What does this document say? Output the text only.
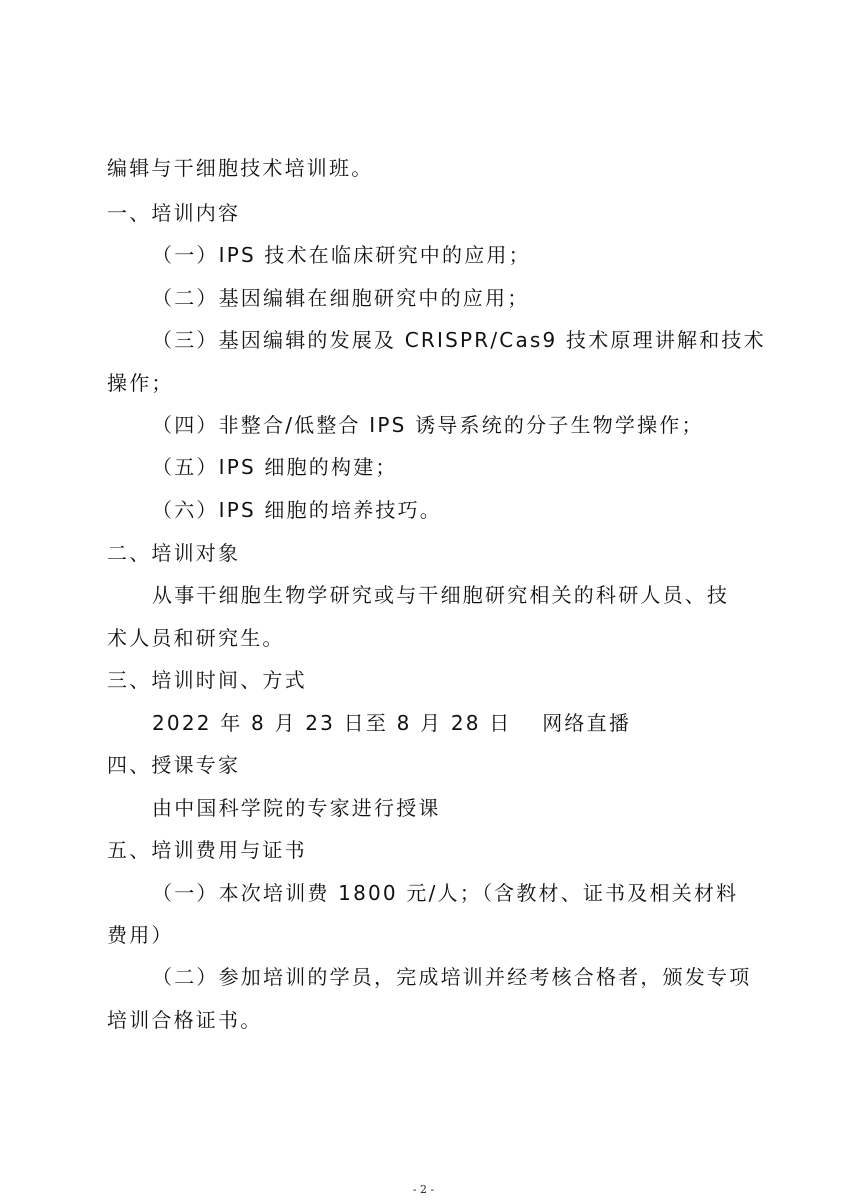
编辑与干细胞技术培训班。
一、培训内容
（一）IPS 技术在临床研究中的应用；
（二）基因编辑在细胞研究中的应用；
（三）基因编辑的发展及 CRISPR/Cas9 技术原理讲解和技术
操作；
（四）非整合/低整合 IPS 诱导系统的分子生物学操作；
（五）IPS 细胞的构建；
（六）IPS 细胞的培养技巧。
二、培训对象
从事干细胞生物学研究或与干细胞研究相关的科研人员、技
术人员和研究生。
三、培训时间、方式
2022 年 8 月 23 日至 8 月 28 日　 网络直播
四、授课专家
由中国科学院的专家进行授课
五、培训费用与证书
（一）本次培训费 1800 元/人；（含教材、证书及相关材料
费用）
（二）参加培训的学员，完成培训并经考核合格者，颁发专项
培训合格证书。
- 2 -
